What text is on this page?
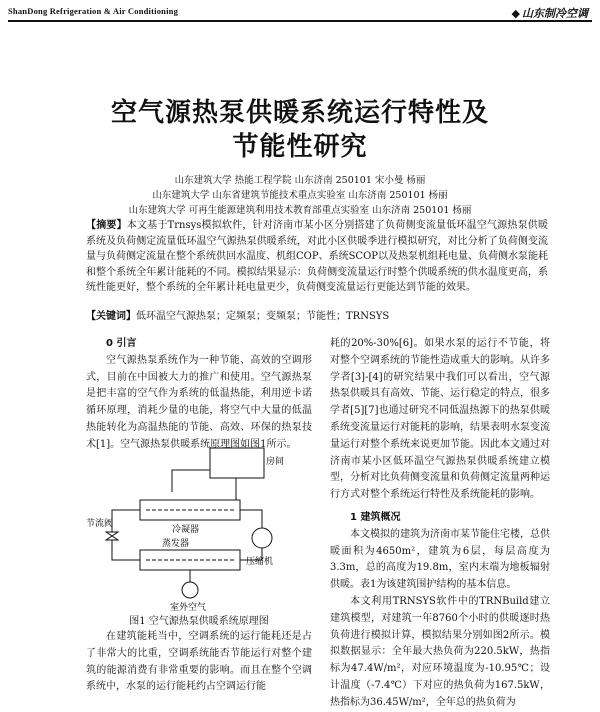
ShanDong Refrigeration & Air Conditioning	◆ 山东制冷空调
空气源热泵供暖系统运行特性及
节能性研究
山东建筑大学 热能工程学院 山东济南 250101 宋小曼 杨丽
山东建筑大学 山东省建筑节能技术重点实验室 山东济南 250101 杨丽
山东建筑大学 可再生能源建筑利用技术教育部重点实验室 山东济南 250101 杨丽
【摘要】本文基于Trnsys模拟软件，针对济南市某小区分别搭建了负荷侧变流量低环温空气源热泵供暖系统及负荷侧定流量低环温空气源热泵供暖系统，对此小区供暖季进行模拟研究，对比分析了负荷侧变流量与负荷侧定流量在整个系统供回水温度、机组COP、系统SCOP以及热泵机组耗电量、负荷侧水泵能耗和整个系统全年累计能耗的不同。模拟结果显示：负荷侧变流量运行时整个供暖系统的供水温度更高，系统性能更好，整个系统的全年累计耗电量更少，负荷侧变流量运行更能达到节能的效果。
【关键词】低环温空气源热泵；定频泵；变频泵；节能性；TRNSYS

0 引言

空气源热泵系统作为一种节能、高效的空调形式，目前在中国被大力的推广和使用。空气源热泵是把丰富的空气作为系统的低温热能，利用逆卡诺循环原理，消耗少量的电能，将空气中大量的低温热能转化为高温热能的节能、高效、环保的热泵技术[1]。空气源热泵供暖系统原理图如图1所示。

房间
节流阀
冷凝器
蒸发器
压缩机
室外空气
图1 空气源热泵供暖系统原理图

在建筑能耗当中，空调系统的运行能耗还是占了非常大的比重，空调系统能否节能运行对整个建筑的能源消费有非常重要的影响。而且在整个空调系统中，水泵的运行能耗约占空调运行能

耗的20%-30%[6]。如果水泵的运行不节能，将对整个空调系统的节能性造成重大的影响。从许多学者[3]-[4]的研究结果中我们可以看出，空气源热泵供暖具有高效、节能、运行稳定的特点，很多学者[5][7]也通过研究不同低温热源下的热泵供暖系统变流量运行对能耗的影响，结果表明水泵变流量运行对整个系统来说更加节能。因此本文通过对济南市某小区低环温空气源热泵供暖系统建立模型，分析对比负荷侧变流量和负荷侧定流量两种运行方式对整个系统运行特性及系统能耗的影响。

1 建筑概况

本文模拟的建筑为济南市某节能住宅楼，总供暖面积为4650m²，建筑为6层，每层高度为3.3m，总的高度为19.8m，室内末端为地板辐射供暖。表1为该建筑围护结构的基本信息。

本文利用TRNSYS软件中的TRNBuild建立建筑模型，对建筑一年8760个小时的供暖逐时热负荷进行模拟计算，模拟结果分别如图2所示。模拟数据显示：全年最大热负荷为220.5kW，热指标为47.4W/m²，对应环境温度为-10.95℃；设计温度（-7.4℃）下对应的热负荷为167.5kW，热指标为36.45W/m²，全年总的热负荷为
